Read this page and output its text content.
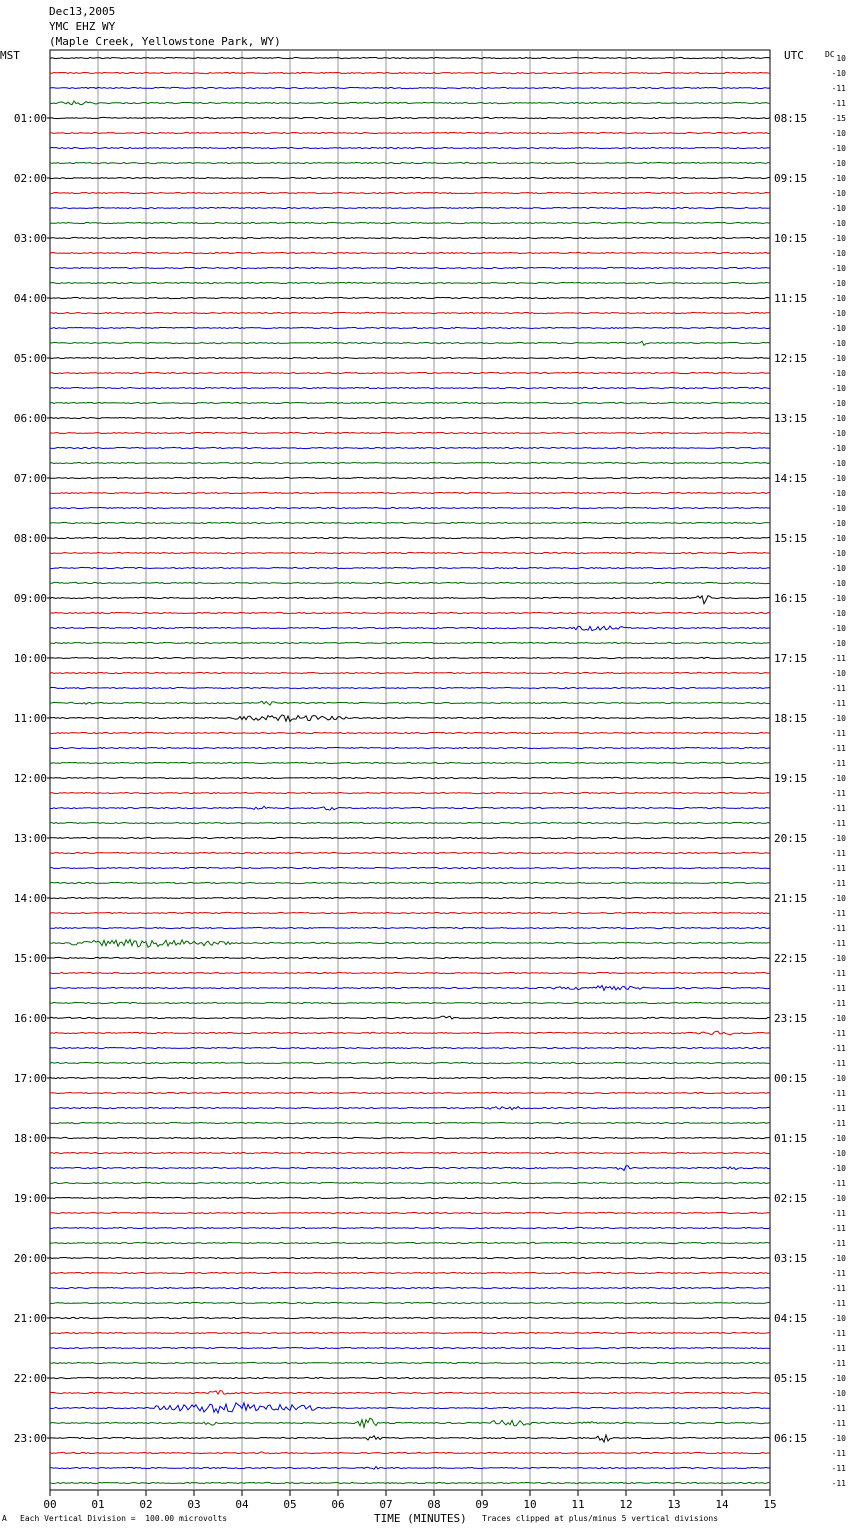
Dec13,2005
YMC EHZ WY
(Maple Creek, Yellowstone Park, WY)
MST	UTC
00	01	02	03	04	05	06	07	08	09	10	11	12	13	14	15
10
-10
-11
-11
-15
-10
-10
-10
-10
-10
-10
-10
-10
-10
-10
-10
-10
-10
-10
-10
-10
-10
-10
-10
-10
-10
-10
-10
-10
-10
-10
-10
-10
-10
-10
-10
-10
-10
-10
-10
-11
-10
-11
-11
-10
-11
-11
-11
-10
-11
-11
-11
-10
-11
-11
-11
-10
-11
-11
-11
-10
-11
-11
-11
-10
-11
-11
-11
-10
-11
-11
-11
-10
-10
-10
-11
-10
-11
-11
-11
-10
-11
-11
-11
-10
-11
-11
-11
-10
-10
-11
-11
-10
-11
-11
-11
DC
01:00
02:00
03:00
04:00
05:00
06:00
07:00
08:00
09:00
10:00
11:00
12:00
13:00
14:00
15:00
16:00
17:00
18:00
19:00
20:00
21:00
22:00
23:00
08:15
09:15
10:15
11:15
12:15
13:15
14:15
15:15
16:15
17:15
18:15
19:15
20:15
21:15
22:15
23:15
00:15
01:15
02:15
03:15
04:15
05:15
06:15
A Each Vertical Division =  100.00 microvolts	TIME (MINUTES) Traces clipped at plus/minus 5 vertical divisions
